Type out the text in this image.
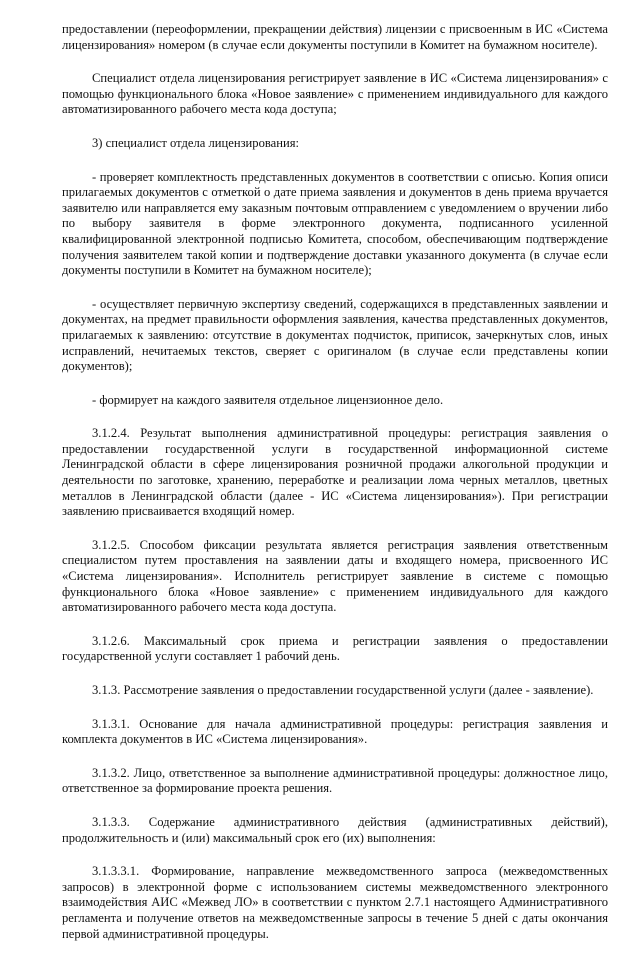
предоставлении (переоформлении, прекращении действия) лицензии с присвоенным в ИС «Система лицензирования» номером (в случае если документы поступили в Комитет на бумажном носителе).

Специалист отдела лицензирования регистрирует заявление в ИС «Система лицензирования» с помощью функционального блока «Новое заявление» с применением индивидуального для каждого автоматизированного рабочего места кода доступа;

3) специалист отдела лицензирования:

- проверяет комплектность представленных документов в соответствии с описью. Копия описи прилагаемых документов с отметкой о дате приема заявления и документов в день приема вручается заявителю или направляется ему заказным почтовым отправлением с уведомлением о вручении либо по выбору заявителя в форме электронного документа, подписанного усиленной квалифицированной электронной подписью Комитета, способом, обеспечивающим подтверждение получения заявителем такой копии и подтверждение доставки указанного документа (в случае если документы поступили в Комитет на бумажном носителе);

- осуществляет первичную экспертизу сведений, содержащихся в представленных заявлении и документах, на предмет правильности оформления заявления, качества представленных документов, прилагаемых к заявлению: отсутствие в документах подчисток, приписок, зачеркнутых слов, иных исправлений, нечитаемых текстов, сверяет с оригиналом (в случае если представлены копии документов);

- формирует на каждого заявителя отдельное лицензионное дело.

3.1.2.4. Результат выполнения административной процедуры: регистрация заявления о предоставлении государственной услуги в государственной информационной системе Ленинградской области в сфере лицензирования розничной продажи алкогольной продукции и деятельности по заготовке, хранению, переработке и реализации лома черных металлов, цветных металлов в Ленинградской области (далее - ИС «Система лицензирования»). При регистрации заявлению присваивается входящий номер.

3.1.2.5. Способом фиксации результата является регистрация заявления ответственным специалистом путем проставления на заявлении даты и входящего номера, присвоенного ИС «Система лицензирования». Исполнитель регистрирует заявление в системе с помощью функционального блока «Новое заявление» с применением индивидуального для каждого автоматизированного рабочего места кода доступа.

3.1.2.6. Максимальный срок приема и регистрации заявления о предоставлении государственной услуги составляет 1 рабочий день.

3.1.3. Рассмотрение заявления о предоставлении государственной услуги (далее - заявление).

3.1.3.1. Основание для начала административной процедуры: регистрация заявления и комплекта документов в ИС «Система лицензирования».

3.1.3.2. Лицо, ответственное за выполнение административной процедуры: должностное лицо, ответственное за формирование проекта решения.

3.1.3.3. Содержание административного действия (административных действий), продолжительность и (или) максимальный срок его (их) выполнения:

3.1.3.3.1. Формирование, направление межведомственного запроса (межведомственных запросов) в электронной форме с использованием системы межведомственного электронного взаимодействия АИС «Межвед ЛО» в соответствии с пунктом 2.7.1 настоящего Административного регламента и получение ответов на межведомственные запросы в течение 5 дней с даты окончания первой административной процедуры.
